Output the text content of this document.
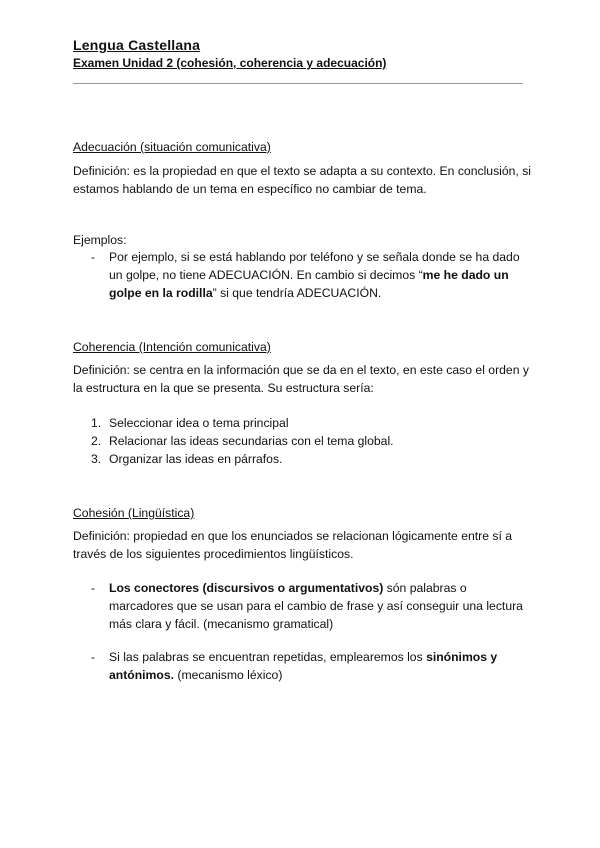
Lengua Castellana
Examen Unidad 2 (cohesión, coherencia y adecuación)
Adecuación (situación comunicativa)
Definición: es la propiedad en que el texto se adapta a su contexto. En conclusión, si estamos hablando de un tema en específico no cambiar de tema.
Ejemplos:
- Por ejemplo, si se está hablando por teléfono y se señala donde se ha dado un golpe, no tiene ADECUACIÓN. En cambio si decimos “me he dado un golpe en la rodilla” si que tendría ADECUACIÓN.
Coherencia (Intención comunicativa)
Definición: se centra en la información que se da en el texto, en este caso el orden y la estructura en la que se presenta. Su estructura sería:
1. Seleccionar idea o tema principal
2. Relacionar las ideas secundarias con el tema global.
3. Organizar las ideas en párrafos.
Cohesión (Lingüística)
Definición: propiedad en que los enunciados se relacionan lógicamente entre sí a través de los siguientes procedimientos lingüísticos.
- Los conectores (discursivos o argumentativos) són palabras o marcadores que se usan para el cambio de frase y así conseguir una lectura más clara y fácil. (mecanismo gramatical)
- Si las palabras se encuentran repetidas, emplearemos los sinónimos y antónimos. (mecanismo léxico)
